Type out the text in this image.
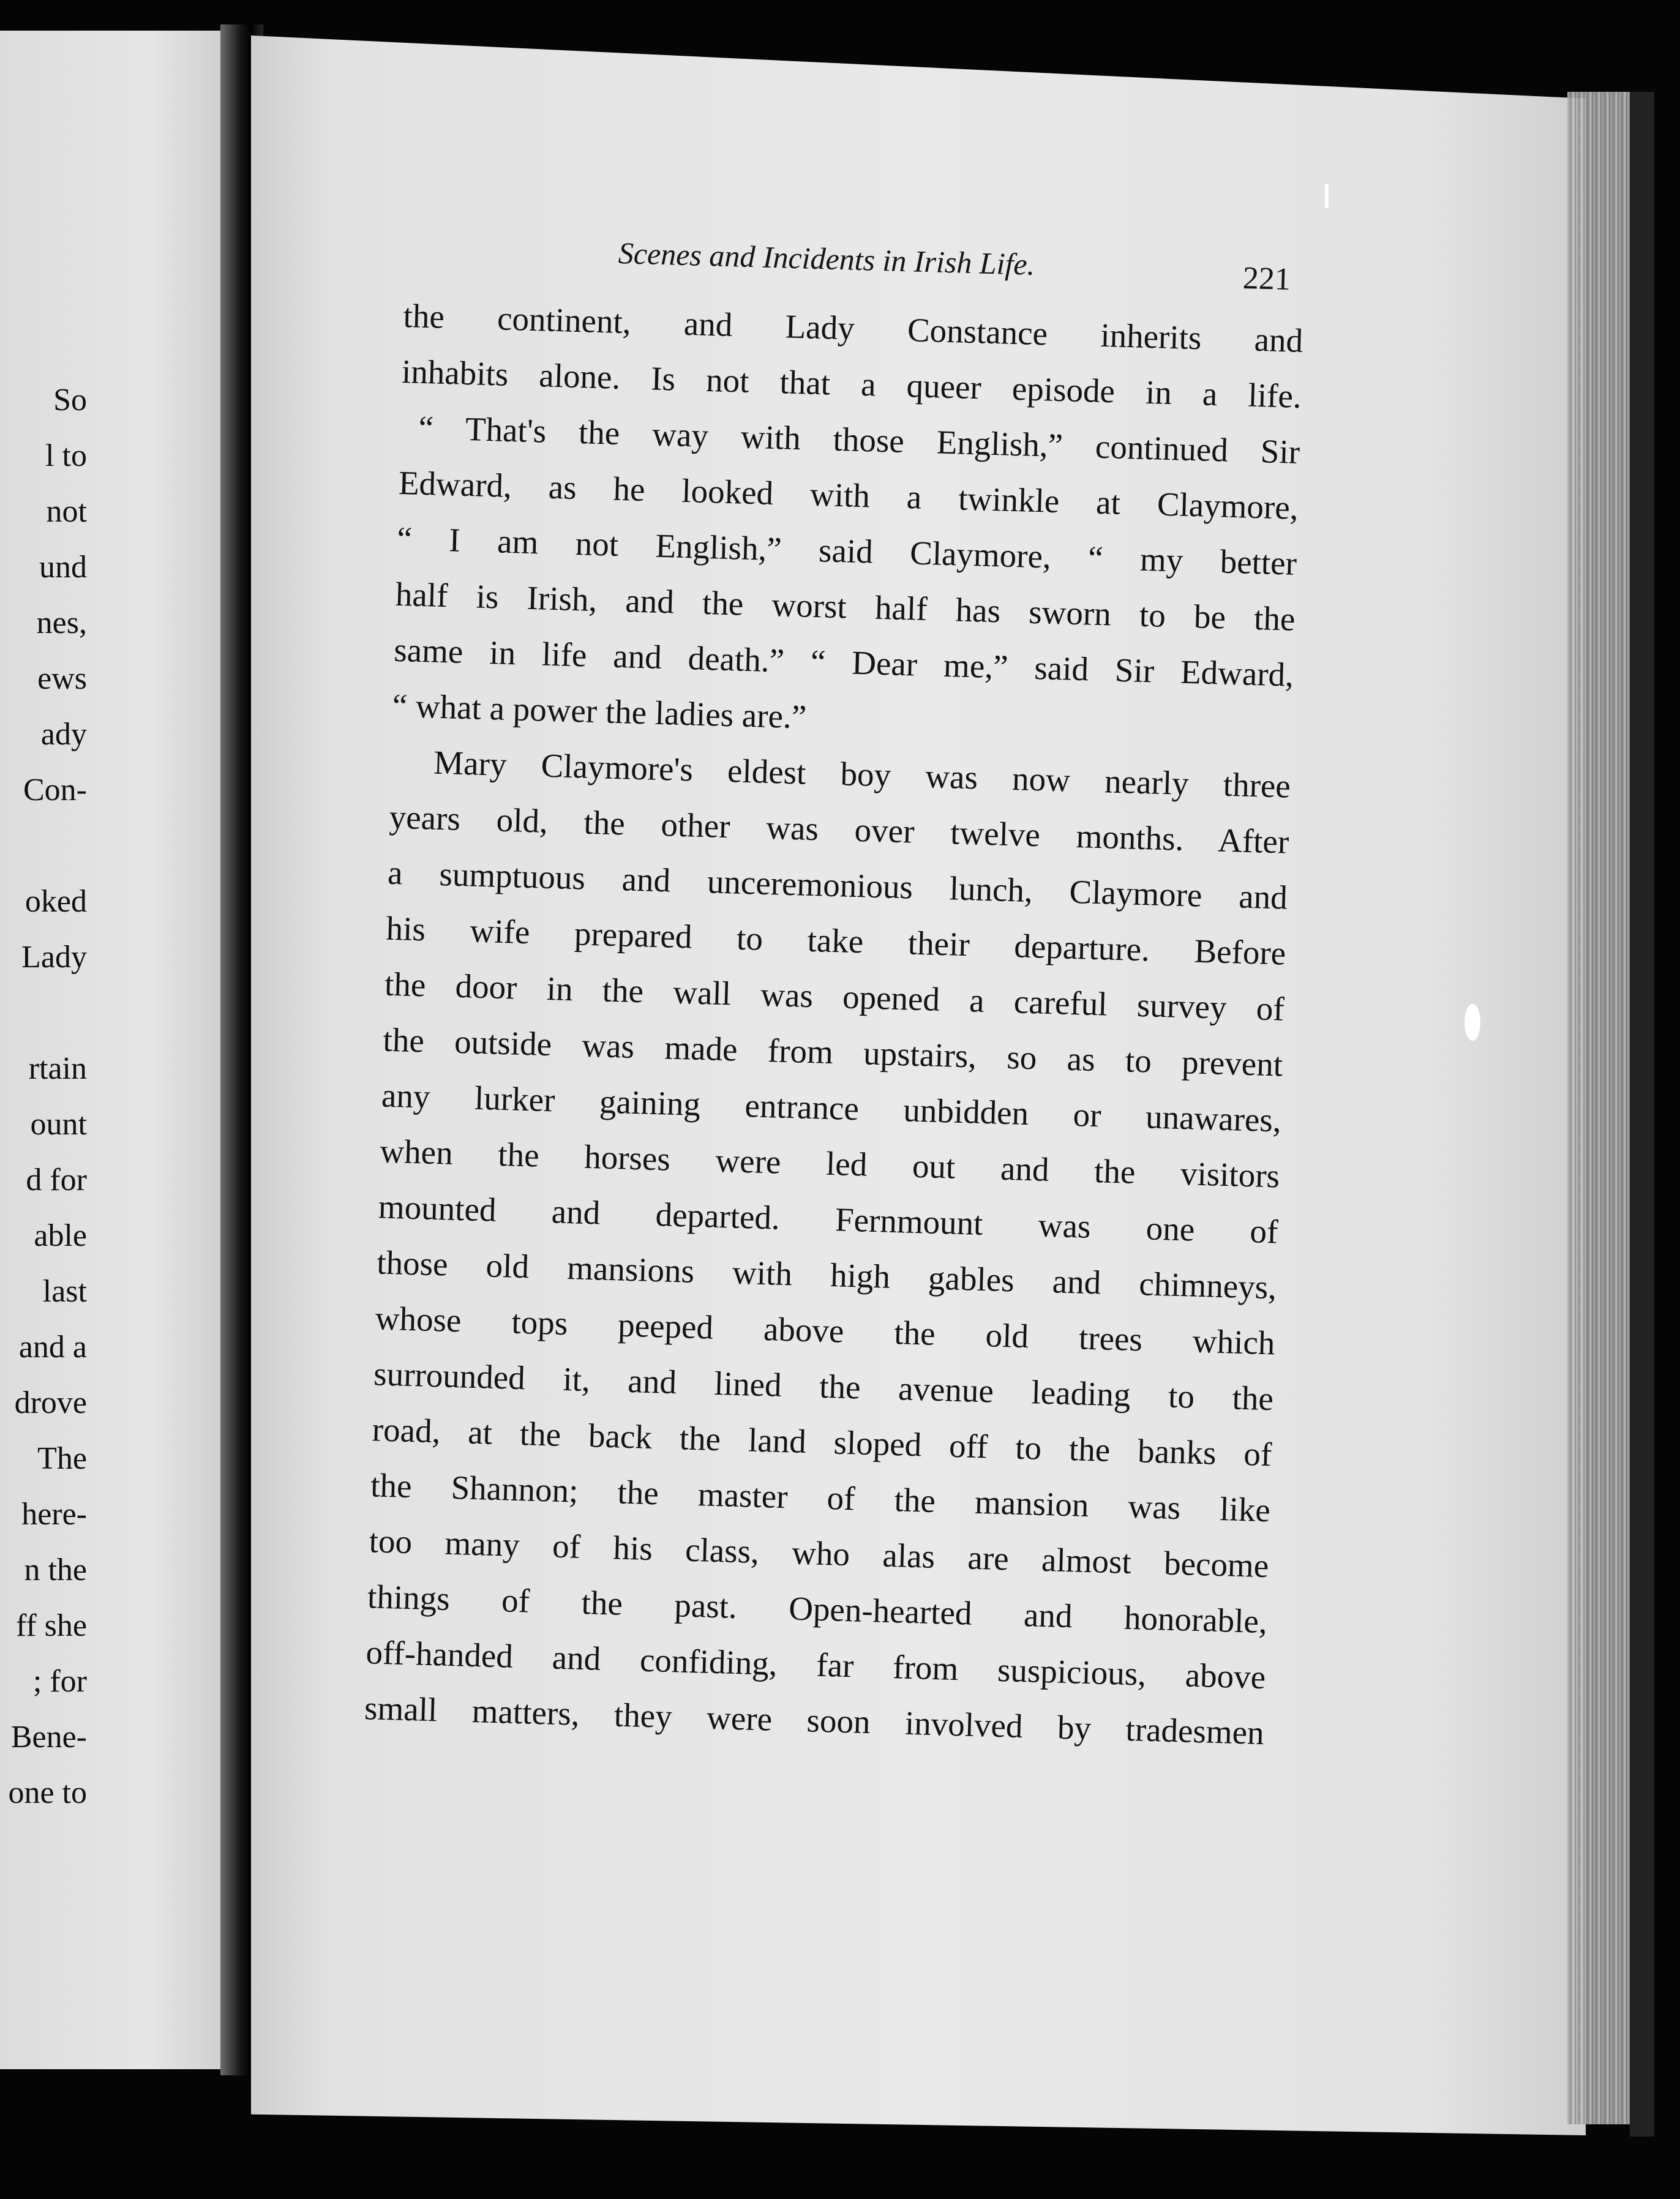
So
l to
not
und
nes,
ews
ady
Con-
oked
Lady
rtain
ount
d for
able
last
and a
drove
The
here-
n the
ff she
; for
Bene-
one to
Scenes and Incidents in Irish Life.	221
the continent, and Lady Constance inherits and
inhabits alone. Is not that a queer episode in a life.
“ That's the way with those English,” continued Sir
Edward, as he looked with a twinkle at Claymore,
“ I am not English,” said Claymore, “ my better
half is Irish, and the worst half has sworn to be the
same in life and death.” “ Dear me,” said Sir Edward,
“ what a power the ladies are.”
Mary Claymore's eldest boy was now nearly three
years old, the other was over twelve months. After
a sumptuous and unceremonious lunch, Claymore and
his wife prepared to take their departure. Before
the door in the wall was opened a careful survey of
the outside was made from upstairs, so as to prevent
any lurker gaining entrance unbidden or unawares,
when the horses were led out and the visitors
mounted and departed. Fernmount was one of
those old mansions with high gables and chimneys,
whose tops peeped above the old trees which
surrounded it, and lined the avenue leading to the
road, at the back the land sloped off to the banks of
the Shannon; the master of the mansion was like
too many of his class, who alas are almost become
things of the past. Open-hearted and honorable,
off-handed and confiding, far from suspicious, above
small matters, they were soon involved by tradesmen
